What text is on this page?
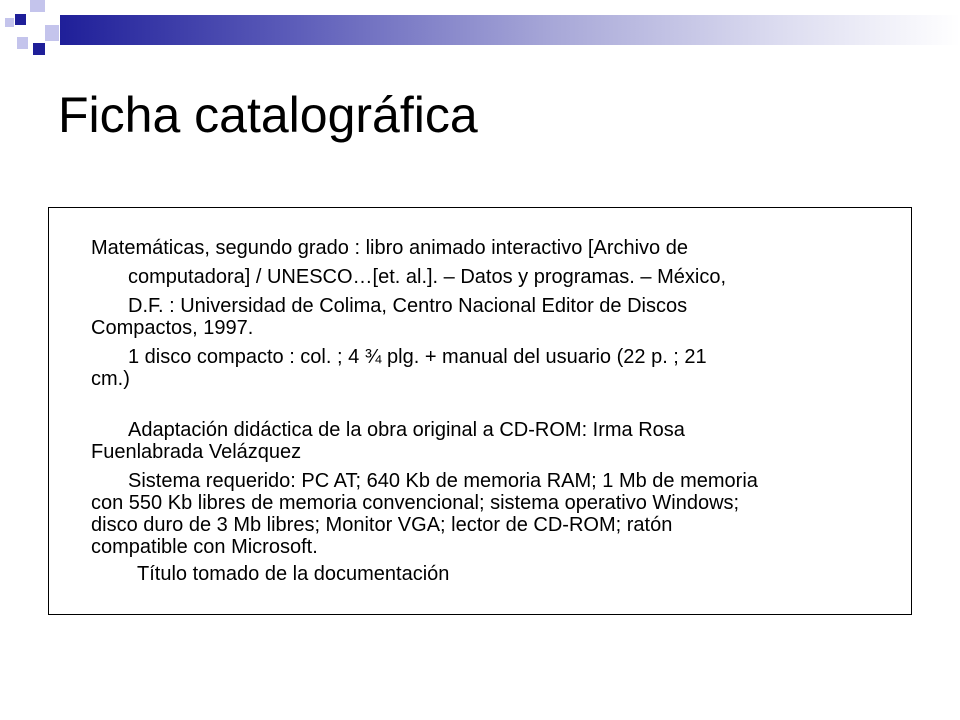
Ficha catalográfica

Matemáticas, segundo grado : libro animado interactivo [Archivo de
computadora] / UNESCO…[et. al.]. – Datos y programas. – México,

D.F. : Universidad de Colima, Centro Nacional Editor de Discos
Compactos, 1997.

1 disco compacto : col. ; 4 ¾ plg. + manual del usuario (22 p. ; 21
cm.)

Adaptación didáctica de la obra original a CD-ROM: Irma Rosa
Fuenlabrada Velázquez

Sistema requerido: PC AT; 640 Kb de memoria RAM; 1 Mb de memoria
con 550 Kb libres de memoria convencional; sistema operativo Windows;
disco duro de 3 Mb libres; Monitor VGA; lector de CD-ROM; ratón
compatible con Microsoft.

Título tomado de la documentación
